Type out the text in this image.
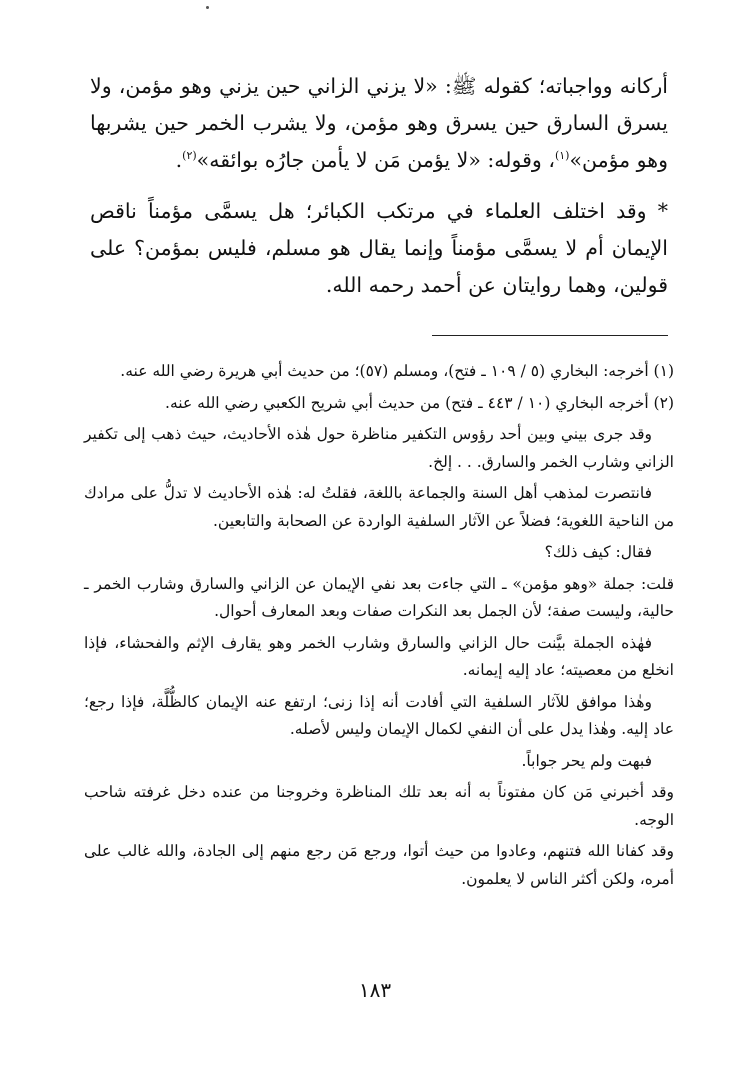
أركانه وواجباته؛ كقوله ﷺ: «لا يزني الزاني حين يزني وهو مؤمن، ولا يسرق السارق حين يسرق وهو مؤمن، ولا يشرب الخمر حين يشربها وهو مؤمن»$^{(١)}$، وقوله: «لا يؤمن مَن لا يأمن جارُه بوائقه»$^{(٢)}$.

* وقد اختلف العلماء في مرتكب الكبائر؛ هل يسمَّى مؤمناً ناقص الإيمان أم لا يسمَّى مؤمناً وإنما يقال هو مسلم، فليس بمؤمن؟ على قولين، وهما روايتان عن أحمد رحمه الله.

(١) أخرجه: البخاري (٥ / ١٠٩ ـ فتح)، ومسلم (٥٧)؛ من حديث أبي هريرة رضي الله عنه.

(٢) أخرجه البخاري (١٠ / ٤٤٣ ـ فتح) من حديث أبي شريح الكعبي رضي الله عنه.

وقد جرى بيني وبين أحد رؤوس التكفير مناظرة حول هٰذه الأحاديث، حيث ذهب إلى تكفير الزاني وشارب الخمر والسارق. . . إلخ.

فانتصرت لمذهب أهل السنة والجماعة باللغة، فقلتُ له: هٰذه الأحاديث لا تدلُّ على مرادك من الناحية اللغوية؛ فضلاً عن الآثار السلفية الواردة عن الصحابة والتابعين.

فقال: كيف ذلك؟

قلت: جملة «وهو مؤمن» ـ التي جاءت بعد نفي الإيمان عن الزاني والسارق وشارب الخمر ـ حالية، وليست صفة؛ لأن الجمل بعد النكرات صفات وبعد المعارف أحوال.

فهٰذه الجملة بيَّنت حال الزاني والسارق وشارب الخمر وهو يقارف الإثم والفحشاء، فإذا انخلع من معصيته؛ عاد إليه إيمانه.

وهٰذا موافق للآثار السلفية التي أفادت أنه إذا زنى؛ ارتفع عنه الإيمان كالظُّلَّة، فإذا رجع؛ عاد إليه. وهٰذا يدل على أن النفي لكمال الإيمان وليس لأصله.

فبهت ولم يحر جواباً.

وقد أخبرني مَن كان مفتوناً به أنه بعد تلك المناظرة وخروجنا من عنده دخل غرفته شاحب الوجه.

وقد كفانا الله فتنهم، وعادوا من حيث أتوا، ورجع مَن رجع منهم إلى الجادة، والله غالب على أمره، ولكن أكثر الناس لا يعلمون.

١٨٣
